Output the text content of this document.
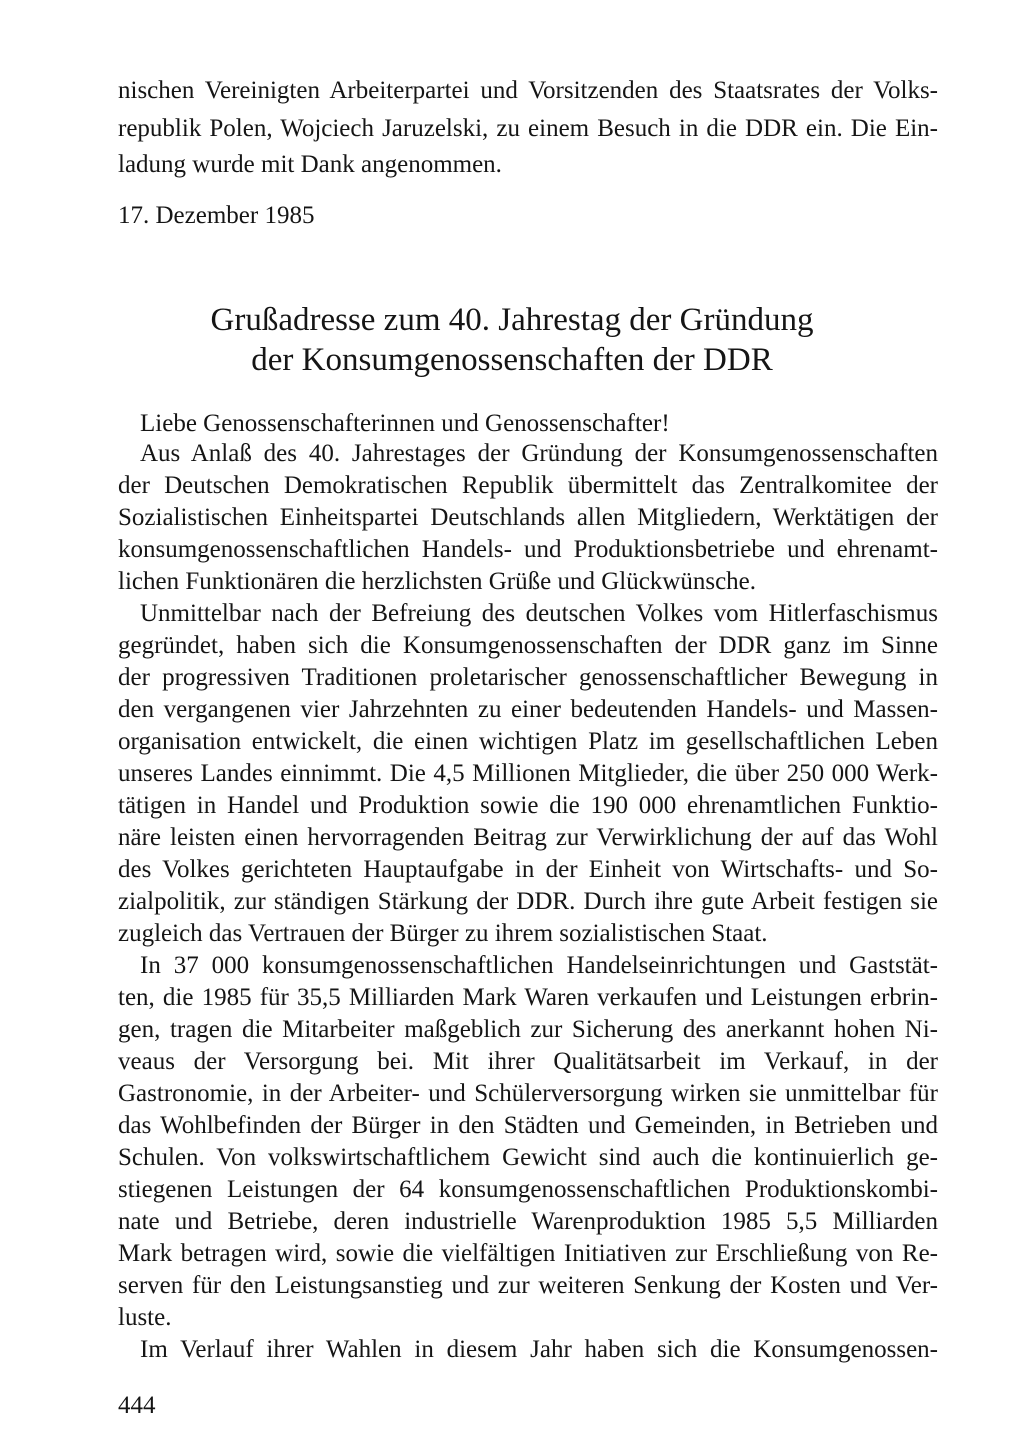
nischen Vereinigten Arbeiterpartei und Vorsitzenden des Staatsrates der Volks-
republik Polen, Wojciech Jaruzelski, zu einem Besuch in die DDR ein. Die Ein-
ladung wurde mit Dank angenommen.
17. Dezember 1985
Grußadresse zum 40. Jahrestag der Gründung
der Konsumgenossenschaften der DDR
Liebe Genossenschafterinnen und Genossenschafter!
Aus Anlaß des 40. Jahrestages der Gründung der Konsumgenossenschaften
der Deutschen Demokratischen Republik übermittelt das Zentralkomitee der
Sozialistischen Einheitspartei Deutschlands allen Mitgliedern, Werktätigen der
konsumgenossenschaftlichen Handels- und Produktionsbetriebe und ehrenamt-
lichen Funktionären die herzlichsten Grüße und Glückwünsche.
Unmittelbar nach der Befreiung des deutschen Volkes vom Hitlerfaschismus
gegründet, haben sich die Konsumgenossenschaften der DDR ganz im Sinne
der progressiven Traditionen proletarischer genossenschaftlicher Bewegung in
den vergangenen vier Jahrzehnten zu einer bedeutenden Handels- und Massen-
organisation entwickelt, die einen wichtigen Platz im gesellschaftlichen Leben
unseres Landes einnimmt. Die 4,5 Millionen Mitglieder, die über 250 000 Werk-
tätigen in Handel und Produktion sowie die 190 000 ehrenamtlichen Funktio-
näre leisten einen hervorragenden Beitrag zur Verwirklichung der auf das Wohl
des Volkes gerichteten Hauptaufgabe in der Einheit von Wirtschafts- und So-
zialpolitik, zur ständigen Stärkung der DDR. Durch ihre gute Arbeit festigen sie
zugleich das Vertrauen der Bürger zu ihrem sozialistischen Staat.
In 37 000 konsumgenossenschaftlichen Handelseinrichtungen und Gaststät-
ten, die 1985 für 35,5 Milliarden Mark Waren verkaufen und Leistungen erbrin-
gen, tragen die Mitarbeiter maßgeblich zur Sicherung des anerkannt hohen Ni-
veaus der Versorgung bei. Mit ihrer Qualitätsarbeit im Verkauf, in der
Gastronomie, in der Arbeiter- und Schülerversorgung wirken sie unmittelbar für
das Wohlbefinden der Bürger in den Städten und Gemeinden, in Betrieben und
Schulen. Von volkswirtschaftlichem Gewicht sind auch die kontinuierlich ge-
stiegenen Leistungen der 64 konsumgenossenschaftlichen Produktionskombi-
nate und Betriebe, deren industrielle Warenproduktion 1985 5,5 Milliarden
Mark betragen wird, sowie die vielfältigen Initiativen zur Erschließung von Re-
serven für den Leistungsanstieg und zur weiteren Senkung der Kosten und Ver-
luste.
Im Verlauf ihrer Wahlen in diesem Jahr haben sich die Konsumgenossen-
444
